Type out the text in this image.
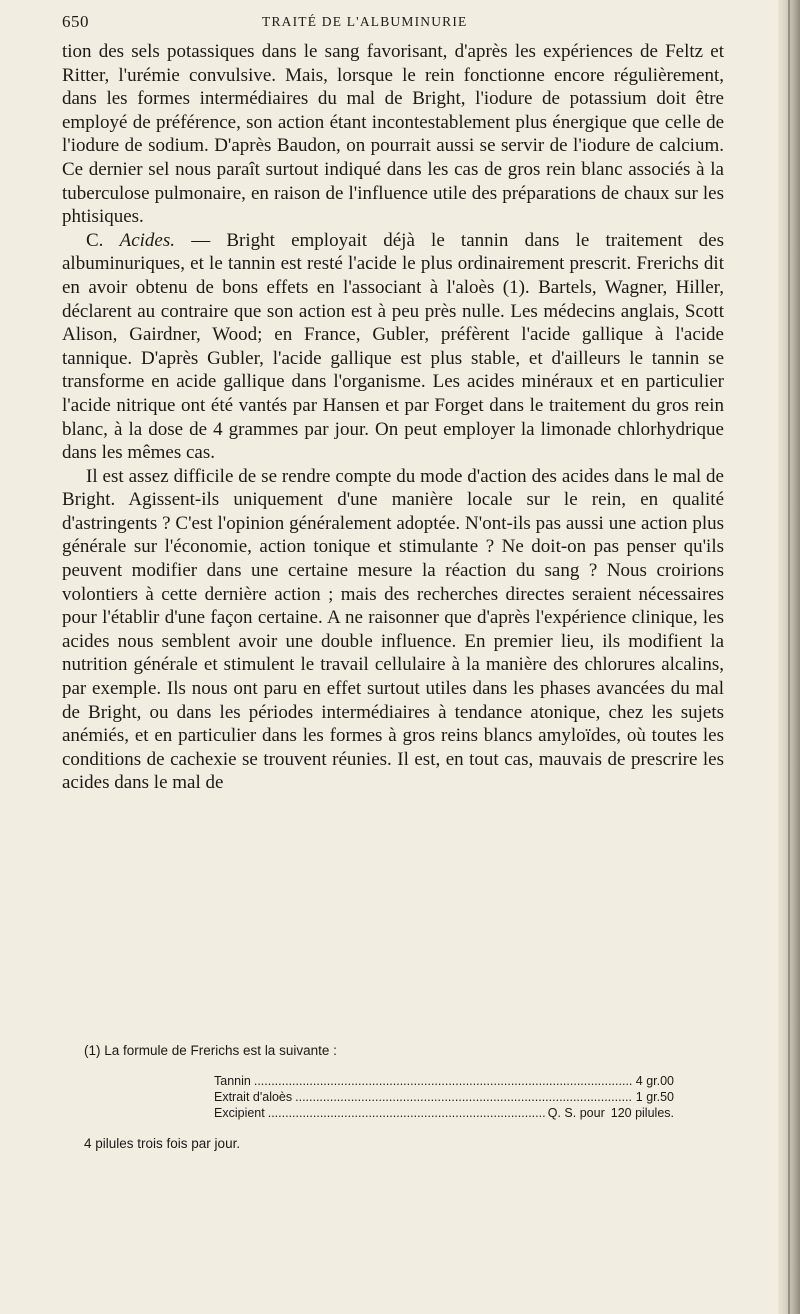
650	TRAITÉ DE L'ALBUMINURIE

tion des sels potassiques dans le sang favorisant, d'après les expériences de Feltz et Ritter, l'urémie convulsive. Mais, lorsque le rein fonctionne encore régulièrement, dans les formes intermédiaires du mal de Bright, l'iodure de potassium doit être employé de préférence, son action étant incontestablement plus énergique que celle de l'iodure de sodium. D'après Baudon, on pourrait aussi se servir de l'iodure de calcium. Ce dernier sel nous paraît surtout indiqué dans les cas de gros rein blanc associés à la tuberculose pulmonaire, en raison de l'influence utile des préparations de chaux sur les phtisiques.

C. Acides. — Bright employait déjà le tannin dans le traitement des albuminuriques, et le tannin est resté l'acide le plus ordinairement prescrit. Frerichs dit en avoir obtenu de bons effets en l'associant à l'aloès (1). Bartels, Wagner, Hiller, déclarent au contraire que son action est à peu près nulle. Les médecins anglais, Scott Alison, Gairdner, Wood; en France, Gubler, préfèrent l'acide gallique à l'acide tannique. D'après Gubler, l'acide gallique est plus stable, et d'ailleurs le tannin se transforme en acide gallique dans l'organisme. Les acides minéraux et en particulier l'acide nitrique ont été vantés par Hansen et par Forget dans le traitement du gros rein blanc, à la dose de 4 grammes par jour. On peut employer la limonade chlorhydrique dans les mêmes cas.

Il est assez difficile de se rendre compte du mode d'action des acides dans le mal de Bright. Agissent-ils uniquement d'une manière locale sur le rein, en qualité d'astringents ? C'est l'opinion généralement adoptée. N'ont-ils pas aussi une action plus générale sur l'économie, action tonique et stimulante ? Ne doit-on pas penser qu'ils peuvent modifier dans une certaine mesure la réaction du sang ? Nous croirions volontiers à cette dernière action ; mais des recherches directes seraient nécessaires pour l'établir d'une façon certaine. A ne raisonner que d'après l'expérience clinique, les acides nous semblent avoir une double influence. En premier lieu, ils modifient la nutrition générale et stimulent le travail cellulaire à la manière des chlorures alcalins, par exemple. Ils nous ont paru en effet surtout utiles dans les phases avancées du mal de Bright, ou dans les périodes intermédiaires à tendance atonique, chez les sujets anémiés, et en particulier dans les formes à gros reins blancs amyloïdes, où toutes les conditions de cachexie se trouvent réunies. Il est, en tout cas, mauvais de prescrire les acides dans le mal de

(1) La formule de Frerichs est la suivante :

Tannin .....	4 gr.00
Extrait d'aloès .....	1 gr.50
Excipient .....	Q. S. pour 120 pilules.

4 pilules trois fois par jour.
